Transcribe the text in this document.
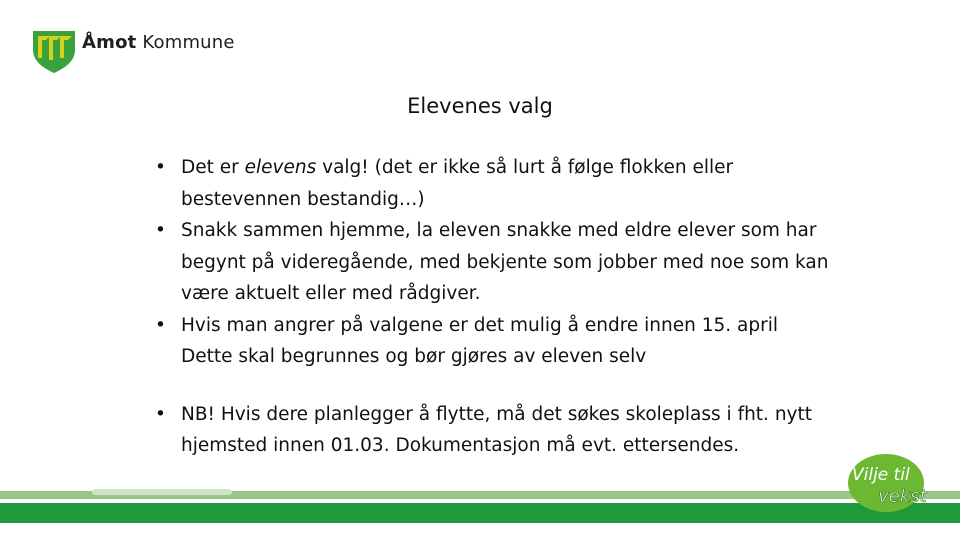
Åmot Kommune
Elevenes valg
• Det er elevens valg! (det er ikke så lurt å følge flokken eller bestevennen bestandig…)
• Snakk sammen hjemme, la eleven snakke med eldre elever som har begynt på videregående, med bekjente som jobber med noe som kan være aktuelt eller med rådgiver.
• Hvis man angrer på valgene er det mulig å endre innen 15. april Dette skal begrunnes og bør gjøres av eleven selv
• NB! Hvis dere planlegger å flytte, må det søkes skoleplass i fht. nytt hjemsted innen 01.03. Dokumentasjon må evt. ettersendes.
Vilje til
vekst
